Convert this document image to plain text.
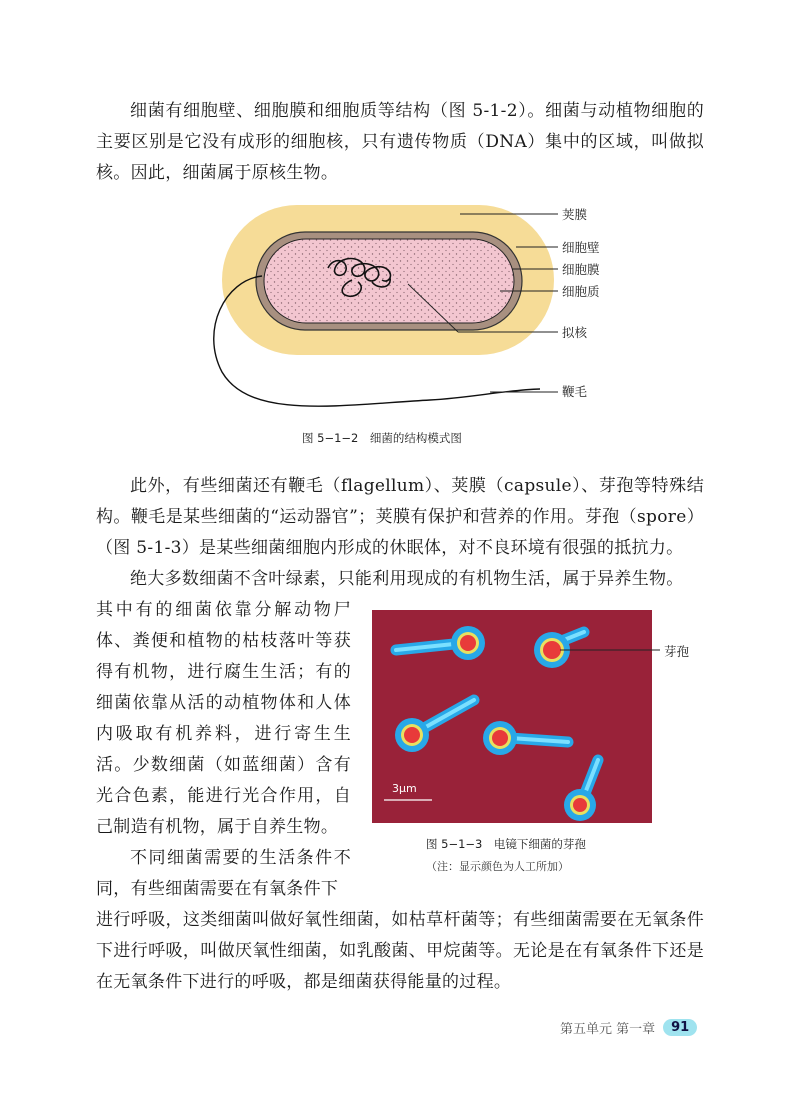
细菌有细胞壁、细胞膜和细胞质等结构（图 5-1-2）。细菌与动植物细胞的主要区别是它没有成形的细胞核，只有遗传物质（DNA）集中的区域，叫做拟核。因此，细菌属于原核生物。

荚膜
细胞壁
细胞膜
细胞质
拟核
鞭毛

图 5−1−2　细菌的结构模式图

此外，有些细菌还有鞭毛（flagellum）、荚膜（capsule）、芽孢等特殊结构。鞭毛是某些细菌的“运动器官”；荚膜有保护和营养的作用。芽孢（spore）（图 5-1-3）是某些细菌细胞内形成的休眠体，对不良环境有很强的抵抗力。

绝大多数细菌不含叶绿素，只能利用现成的有机物生活，属于异养生物。

其中有的细菌依靠分解动物尸体、粪便和植物的枯枝落叶等获得有机物，进行腐生生活；有的细菌依靠从活的动植物体和人体内吸取有机养料，进行寄生生活。少数细菌（如蓝细菌）含有光合色素，能进行光合作用，自己制造有机物，属于自养生物。

3μm
芽孢

图 5−1−3　电镜下细菌的芽孢

（注：显示颜色为人工所加）

不同细菌需要的生活条件不同，有些细菌需要在有氧条件下

进行呼吸，这类细菌叫做好氧性细菌，如枯草杆菌等；有些细菌需要在无氧条件下进行呼吸，叫做厌氧性细菌，如乳酸菌、甲烷菌等。无论是在有氧条件下还是在无氧条件下进行的呼吸，都是细菌获得能量的过程。

第五单元 第一章	91
